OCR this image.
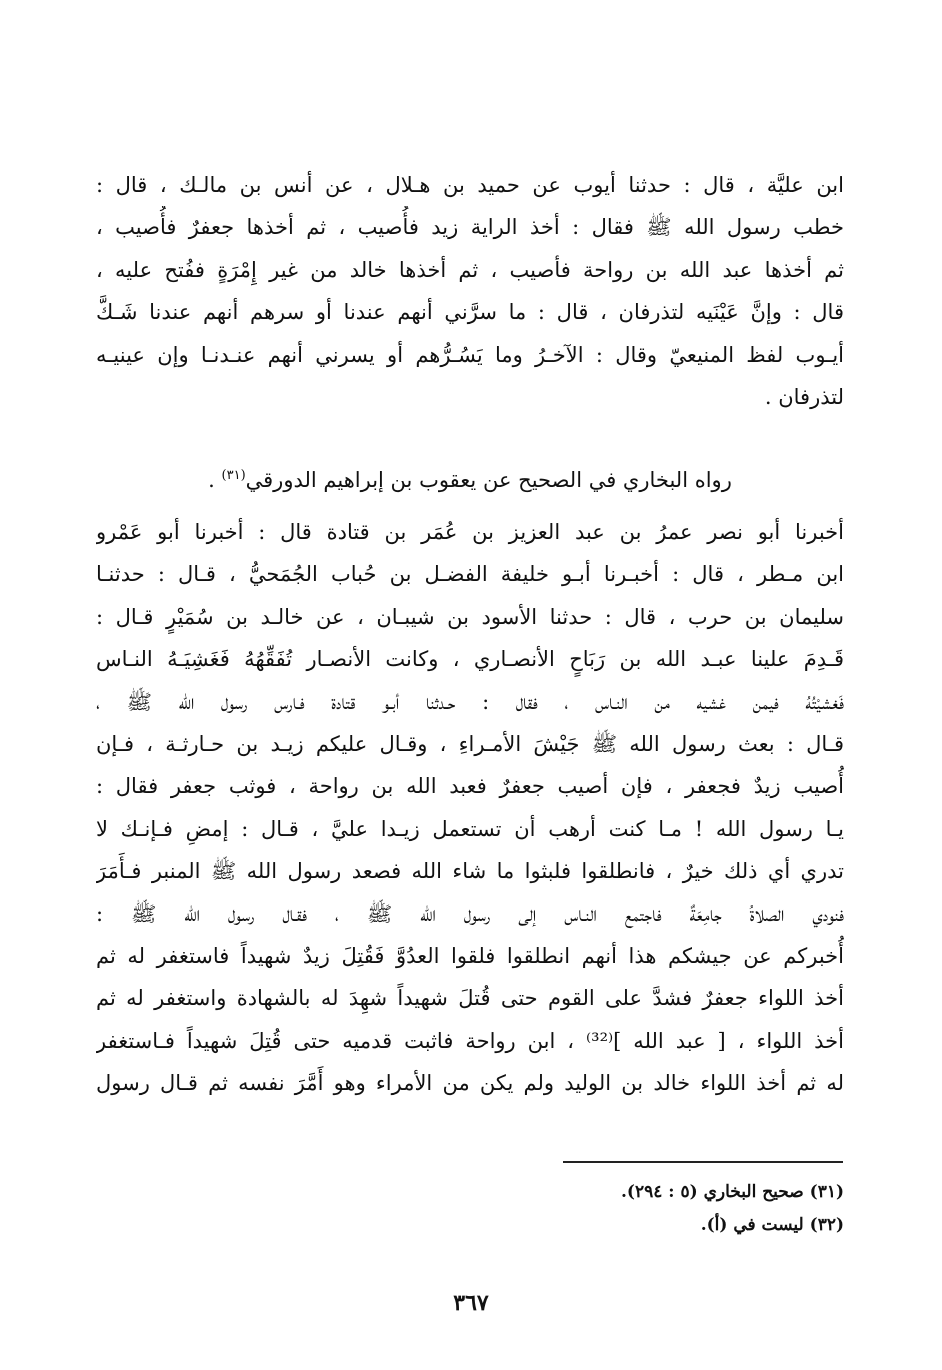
ابن عليَّة ، قال : حدثنا أيوب عن حميد بن هـلال ، عن أنس بن مالـك ، قال :
خطب رسول الله ﷺ فقال : أخذ الراية زيد فأُصيب ، ثم أخذها جعفرٌ فأُصيب ،
ثم أخذها عبد الله بن رواحة فأصيب ، ثم أخذها خالد من غير إِمْرَةٍ ففُتح عليه ،
قال : وإنَّ عَيْنَيه لتذرفان ، قال : ما سرَّني أنهم عندنا أو سرهم أنهم عندنا شَـكَّ
أيـوب لفظ المنيعيّ وقال : الآخـرُ وما يَسُـرُّهم أو يسرني أنهم عنـدنـا وإن عينيـه
لتذرفان .
رواه البخاري في الصحيح عن يعقوب بن إبراهيم الدورقي$^{(٣١)}$ .
أخبرنا أبو نصر عمرُ بن عبد العزيز بن عُمَر بن قتادة قال : أخبرنا أبو عَمْرو
ابن مـطر ، قال : أخبـرنا أبـو خليفة الفضـل بن حُباب الجُمَحيُّ ، قـال : حدثنـا
سليمان بن حرب ، قال : حدثنا الأسود بن شيبـان ، عن خالـد بن سُمَيْرٍ قـال :
قَـدِمَ علينا عبـد الله بن رَبَاحٍ الأنصـاري ، وكانت الأنصـار تُفَقِّهُهُ فَغَشِيَـهُ النـاس
فَغشيْتُهُ فيمن غشيه من النـاس ، فقال : حـدثنا أبـو قتادة فـارس رسول الله ﷺ ،
قـال : بعث رسول الله ﷺ جَيْشَ الأمـراءِ ، وقـال عليكم زيـد بن حـارثـة ، فـإن
أُصيب زيدٌ فجعفر ، فإن أصيب جعفرٌ فعبد الله بن رواحة ، فوثب جعفر فقال :
يـا رسول الله ! مـا كنت أرهب أن تستعمل زيـدا عليَّ ، قـال : إمضِ فـإنـك لا
تدري أي ذلك خيرٌ ، فانطلقوا فلبثوا ما شاء الله فصعد رسول الله ﷺ المنبر فـأَمَرَ
فنودي الصلاةُ جامِعَةٌ فاجتمع النـاس إلى رسول الله ﷺ ، فقـال رسول الله ﷺ :
أُخبركم عن جيشكم هذا أنهم انطلقوا فلقوا العدُوَّ فَقُتِلَ زيدٌ شهيداً فاستغفر له ثم
أخذ اللواء جعفرٌ فشدَّ على القوم حتى قُتلَ شهيداً شهِدَ له بالشهادة واستغفر له ثم
أخذ اللواء ، [ عبد الله ]⁽³²⁾ ، ابن رواحة فاثبت قدميه حتى قُتِلَ شهيداً فـاستغفر
له ثم أخذ اللواء خالد بن الوليد ولم يكن من الأمراء وهو أَمَّرَ نفسه ثم قـال رسول
(٣١) صحيح البخاري (٥ : ٢٩٤).
(٣٢) ليست في (أ).
٣٦٧
